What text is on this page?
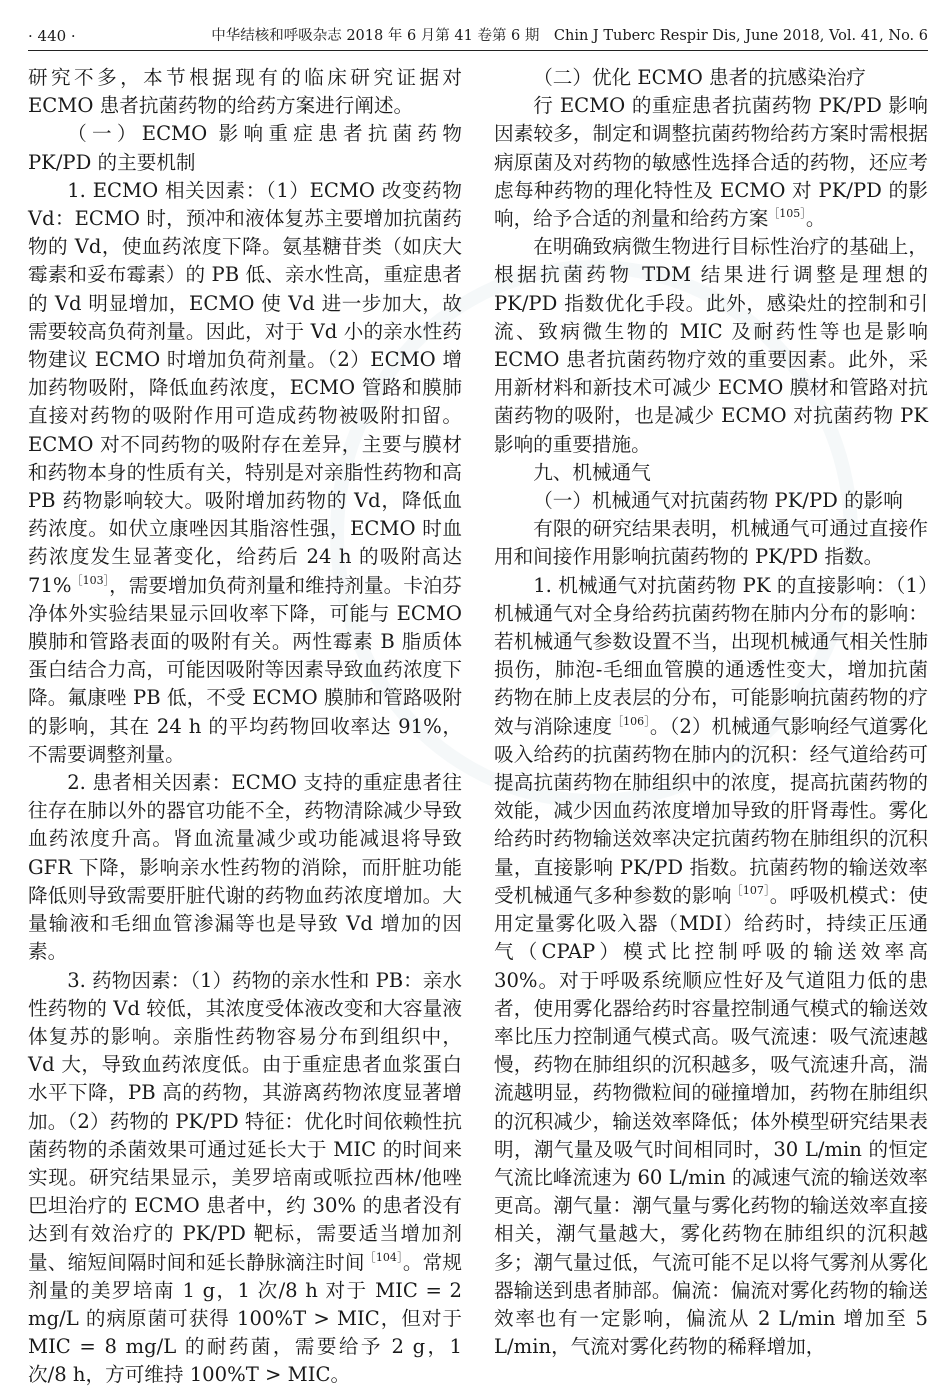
· 440 ·	中华结核和呼吸杂志 2018 年 6 月第 41 卷第 6 期　Chin J Tuberc Respir Dis, June 2018, Vol. 41, No. 6

研究不多，本节根据现有的临床研究证据对 ECMO 患者抗菌药物的给药方案进行阐述。

（一）ECMO 影响重症患者抗菌药物 PK/PD 的主要机制

1. ECMO 相关因素：（1）ECMO 改变药物 Vd：ECMO 时，预冲和液体复苏主要增加抗菌药物的 Vd，使血药浓度下降。氨基糖苷类（如庆大霉素和妥布霉素）的 PB 低、亲水性高，重症患者的 Vd 明显增加，ECMO 使 Vd 进一步加大，故需要较高负荷剂量。因此，对于 Vd 小的亲水性药物建议 ECMO 时增加负荷剂量。（2）ECMO 增加药物吸附，降低血药浓度，ECMO 管路和膜肺直接对药物的吸附作用可造成药物被吸附扣留。ECMO 对不同药物的吸附存在差异，主要与膜材和药物本身的性质有关，特别是对亲脂性药物和高 PB 药物影响较大。吸附增加药物的 Vd，降低血药浓度。如伏立康唑因其脂溶性强，ECMO 时血药浓度发生显著变化，给药后 24 h 的吸附高达 71%$^{[103]}$，需要增加负荷剂量和维持剂量。卡泊芬净体外实验结果显示回收率下降，可能与 ECMO 膜肺和管路表面的吸附有关。两性霉素 B 脂质体蛋白结合力高，可能因吸附等因素导致血药浓度下降。氟康唑 PB 低，不受 ECMO 膜肺和管路吸附的影响，其在 24 h 的平均药物回收率达 91%，不需要调整剂量。

2. 患者相关因素：ECMO 支持的重症患者往往存在肺以外的器官功能不全，药物清除减少导致血药浓度升高。肾血流量减少或功能减退将导致 GFR 下降，影响亲水性药物的消除，而肝脏功能降低则导致需要肝脏代谢的药物血药浓度增加。大量输液和毛细血管渗漏等也是导致 Vd 增加的因素。

3. 药物因素：（1）药物的亲水性和 PB：亲水性药物的 Vd 较低，其浓度受体液改变和大容量液体复苏的影响。亲脂性药物容易分布到组织中，Vd 大，导致血药浓度低。由于重症患者血浆蛋白水平下降，PB 高的药物，其游离药物浓度显著增加。（2）药物的 PK/PD 特征：优化时间依赖性抗菌药物的杀菌效果可通过延长大于 MIC 的时间来实现。研究结果显示，美罗培南或哌拉西林/他唑巴坦治疗的 ECMO 患者中，约 30% 的患者没有达到有效治疗的 PK/PD 靶标，需要适当增加剂量、缩短间隔时间和延长静脉滴注时间$^{[104]}$。常规剂量的美罗培南 1 g，1 次/8 h 对于 MIC = 2 mg/L 的病原菌可获得 100%T > MIC，但对于 MIC = 8 mg/L 的耐药菌，需要给予 2 g，1 次/8 h，方可维持 100%T > MIC。

（二）优化 ECMO 患者的抗感染治疗

行 ECMO 的重症患者抗菌药物 PK/PD 影响因素较多，制定和调整抗菌药物给药方案时需根据病原菌及对药物的敏感性选择合适的药物，还应考虑每种药物的理化特性及 ECMO 对 PK/PD 的影响，给予合适的剂量和给药方案$^{[105]}$。

在明确致病微生物进行目标性治疗的基础上，根据抗菌药物 TDM 结果进行调整是理想的 PK/PD 指数优化手段。此外，感染灶的控制和引流、致病微生物的 MIC 及耐药性等也是影响 ECMO 患者抗菌药物疗效的重要因素。此外，采用新材料和新技术可减少 ECMO 膜材和管路对抗菌药物的吸附，也是减少 ECMO 对抗菌药物 PK 影响的重要措施。

九、机械通气

（一）机械通气对抗菌药物 PK/PD 的影响

有限的研究结果表明，机械通气可通过直接作用和间接作用影响抗菌药物的 PK/PD 指数。

1. 机械通气对抗菌药物 PK 的直接影响：（1）机械通气对全身给药抗菌药物在肺内分布的影响：若机械通气参数设置不当，出现机械通气相关性肺损伤，肺泡-毛细血管膜的通透性变大，增加抗菌药物在肺上皮表层的分布，可能影响抗菌药物的疗效与消除速度$^{[106]}$。（2）机械通气影响经气道雾化吸入给药的抗菌药物在肺内的沉积：经气道给药可提高抗菌药物在肺组织中的浓度，提高抗菌药物的效能，减少因血药浓度增加导致的肝肾毒性。雾化给药时药物输送效率决定抗菌药物在肺组织的沉积量，直接影响 PK/PD 指数。抗菌药物的输送效率受机械通气多种参数的影响$^{[107]}$。呼吸机模式：使用定量雾化吸入器（MDI）给药时，持续正压通气（CPAP）模式比控制呼吸的输送效率高 30%。对于呼吸系统顺应性好及气道阻力低的患者，使用雾化器给药时容量控制通气模式的输送效率比压力控制通气模式高。吸气流速：吸气流速越慢，药物在肺组织的沉积越多，吸气流速升高，湍流越明显，药物微粒间的碰撞增加，药物在肺组织的沉积减少，输送效率降低；体外模型研究结果表明，潮气量及吸气时间相同时，30 L/min 的恒定气流比峰流速为 60 L/min 的减速气流的输送效率更高。潮气量：潮气量与雾化药物的输送效率直接相关，潮气量越大，雾化药物在肺组织的沉积越多；潮气量过低，气流可能不足以将气雾剂从雾化器输送到患者肺部。偏流：偏流对雾化药物的输送效率也有一定影响，偏流从 2 L/min 增加至 5 L/min，气流对雾化药物的稀释增加，
